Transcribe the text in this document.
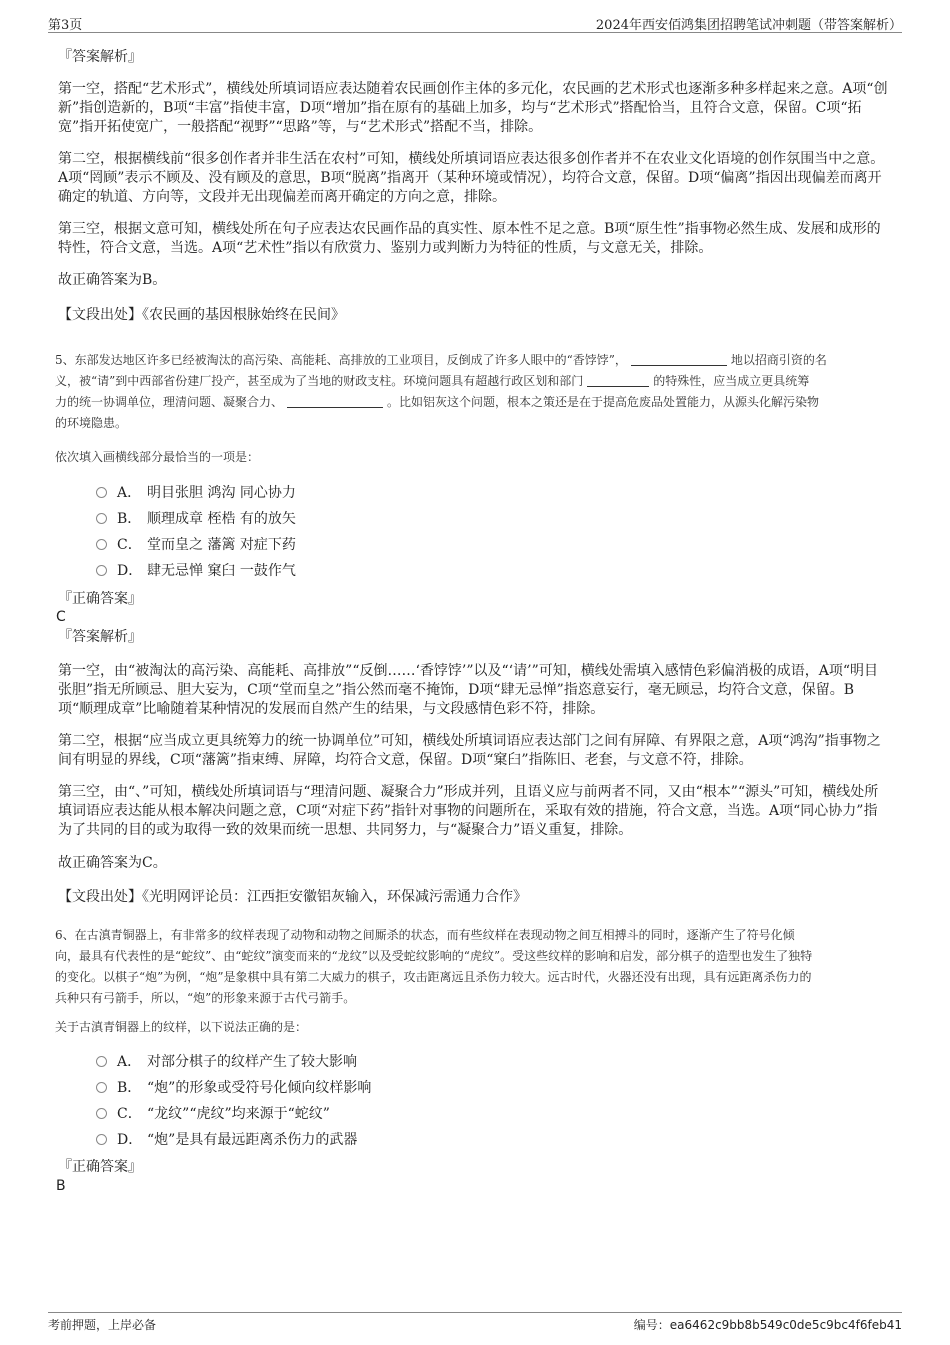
第3页	2024年西安佰鸿集团招聘笔试冲刺题（带答案解析）
『答案解析』

第一空，搭配“艺术形式”，横线处所填词语应表达随着农民画创作主体的多元化，农民画的艺术形式也逐渐多种多样起来之意。A项“创新”指创造新的，B项“丰富”指使丰富，D项“增加”指在原有的基础上加多，均与“艺术形式”搭配恰当，且符合文意，保留。C项“拓宽”指开拓使宽广，一般搭配“视野”“思路”等，与“艺术形式”搭配不当，排除。

第二空，根据横线前“很多创作者并非生活在农村”可知，横线处所填词语应表达很多创作者并不在农业文化语境的创作氛围当中之意。A项“罔顾”表示不顾及、没有顾及的意思，B项“脱离”指离开（某种环境或情况），均符合文意，保留。D项“偏离”指因出现偏差而离开确定的轨道、方向等，文段并无出现偏差而离开确定的方向之意，排除。

第三空，根据文意可知，横线处所在句子应表达农民画作品的真实性、原本性不足之意。B项“原生性”指事物必然生成、发展和成形的特性，符合文意，当选。A项“艺术性”指以有欣赏力、鉴别力或判断力为特征的性质，与文意无关，排除。

故正确答案为B。

【文段出处】《农民画的基因根脉始终在民间》

5、东部发达地区许多已经被淘汰的高污染、高能耗、高排放的工业项目，反倒成了许多人眼中的“香饽饽”，	地以招商引资的名
义，被“请”到中西部省份建厂投产，甚至成为了当地的财政支柱。环境问题具有超越行政区划和部门	的特殊性，应当成立更具统筹
力的统一协调单位，理清问题、凝聚合力、	。比如铝灰这个问题，根本之策还是在于提高危废品处置能力，从源头化解污染物
的环境隐患。
依次填入画横线部分最恰当的一项是：
A． 明目张胆 鸿沟 同心协力
B． 顺理成章 桎梏 有的放矢
C． 堂而皇之 藩篱 对症下药
D． 肆无忌惮 窠臼 一鼓作气
『正确答案』
C
『答案解析』

第一空，由“被淘汰的高污染、高能耗、高排放”“反倒……‘香饽饽’”以及“‘请’”可知，横线处需填入感情色彩偏消极的成语，A项“明目张胆”指无所顾忌、胆大妄为，C项“堂而皇之”指公然而毫不掩饰，D项“肆无忌惮”指恣意妄行，毫无顾忌，均符合文意，保留。B项“顺理成章”比喻随着某种情况的发展而自然产生的结果，与文段感情色彩不符，排除。

第二空，根据“应当成立更具统筹力的统一协调单位”可知，横线处所填词语应表达部门之间有屏障、有界限之意，A项“鸿沟”指事物之间有明显的界线，C项“藩篱”指束缚、屏障，均符合文意，保留。D项“窠臼”指陈旧、老套，与文意不符，排除。

第三空，由“、”可知，横线处所填词语与“理清问题、凝聚合力”形成并列，且语义应与前两者不同，又由“根本”“源头”可知，横线处所填词语应表达能从根本解决问题之意，C项“对症下药”指针对事物的问题所在，采取有效的措施，符合文意，当选。A项“同心协力”指为了共同的目的或为取得一致的效果而统一思想、共同努力，与“凝聚合力”语义重复，排除。

故正确答案为C。

【文段出处】《光明网评论员：江西拒安徽铝灰输入，环保减污需通力合作》

6、在古滇青铜器上，有非常多的纹样表现了动物和动物之间厮杀的状态，而有些纹样在表现动物之间互相搏斗的同时，逐渐产生了符号化倾
向，最具有代表性的是“蛇纹”、由“蛇纹”演变而来的“龙纹”以及受蛇纹影响的“虎纹”。受这些纹样的影响和启发，部分棋子的造型也发生了独特
的变化。以棋子“炮”为例，“炮”是象棋中具有第二大威力的棋子，攻击距离远且杀伤力较大。远古时代，火器还没有出现，具有远距离杀伤力的
兵种只有弓箭手，所以，“炮”的形象来源于古代弓箭手。
关于古滇青铜器上的纹样，以下说法正确的是：
A． 对部分棋子的纹样产生了较大影响
B． “炮”的形象或受符号化倾向纹样影响
C． “龙纹”“虎纹”均来源于“蛇纹”
D． “炮”是具有最远距离杀伤力的武器
『正确答案』
B
考前押题，上岸必备	编号：ea6462c9bb8b549c0de5c9bc4f6feb41
